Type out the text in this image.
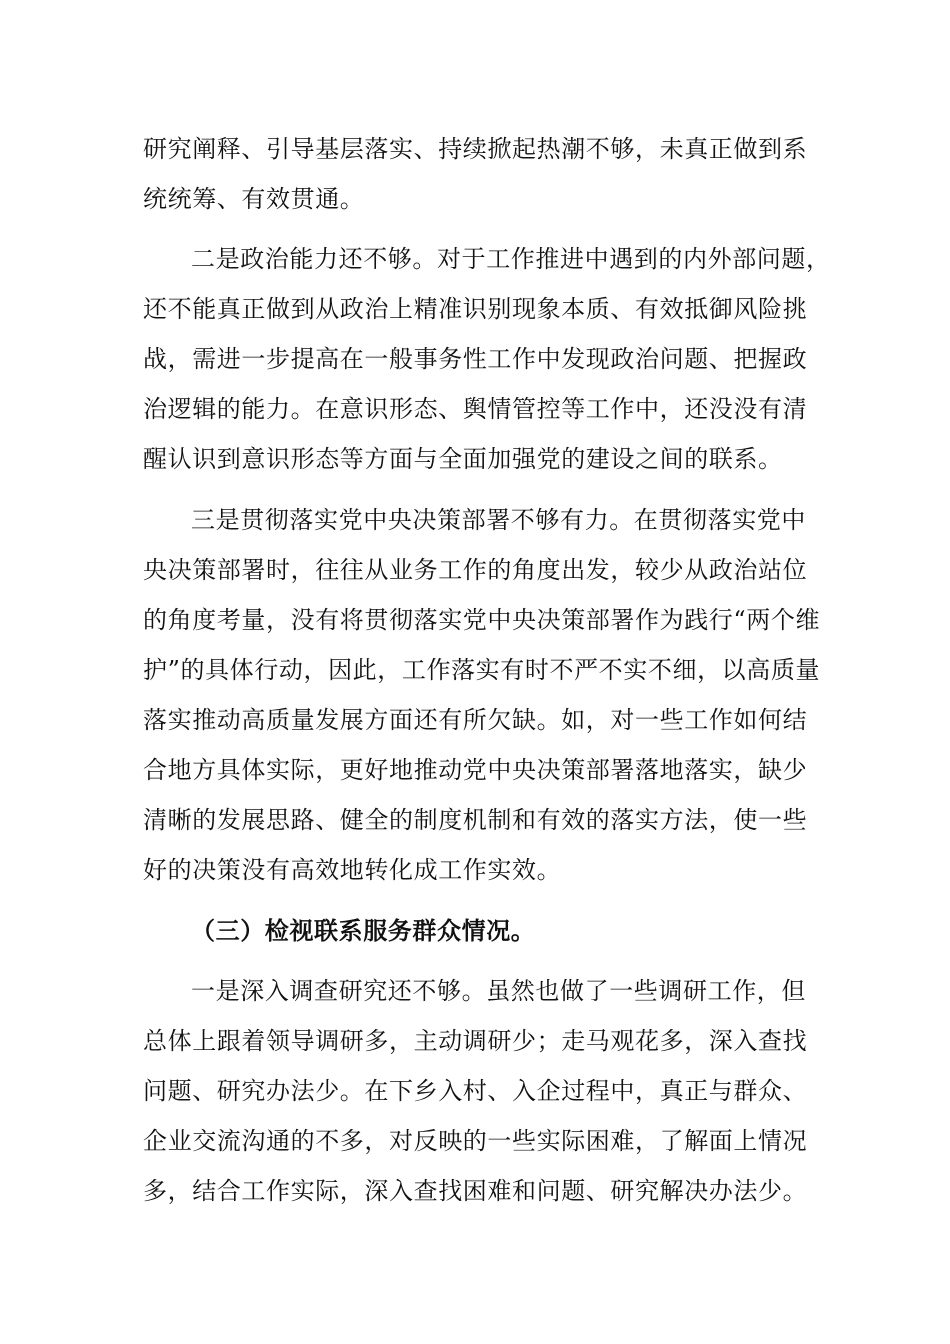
研究阐释、引导基层落实、持续掀起热潮不够，未真正做到系
统统筹、有效贯通。
二是政治能力还不够。对于工作推进中遇到的内外部问题，
还不能真正做到从政治上精准识别现象本质、有效抵御风险挑
战，需进一步提高在一般事务性工作中发现政治问题、把握政
治逻辑的能力。在意识形态、舆情管控等工作中，还没没有清
醒认识到意识形态等方面与全面加强党的建设之间的联系。
三是贯彻落实党中央决策部署不够有力。在贯彻落实党中
央决策部署时，往往从业务工作的角度出发，较少从政治站位
的角度考量，没有将贯彻落实党中央决策部署作为践行“两个维
护”的具体行动，因此，工作落实有时不严不实不细，以高质量
落实推动高质量发展方面还有所欠缺。如，对一些工作如何结
合地方具体实际，更好地推动党中央决策部署落地落实，缺少
清晰的发展思路、健全的制度机制和有效的落实方法，使一些
好的决策没有高效地转化成工作实效。
（三）检视联系服务群众情况。
一是深入调查研究还不够。虽然也做了一些调研工作，但
总体上跟着领导调研多，主动调研少；走马观花多，深入查找
问题、研究办法少。在下乡入村、入企过程中，真正与群众、
企业交流沟通的不多，对反映的一些实际困难，了解面上情况
多，结合工作实际，深入查找困难和问题、研究解决办法少。
